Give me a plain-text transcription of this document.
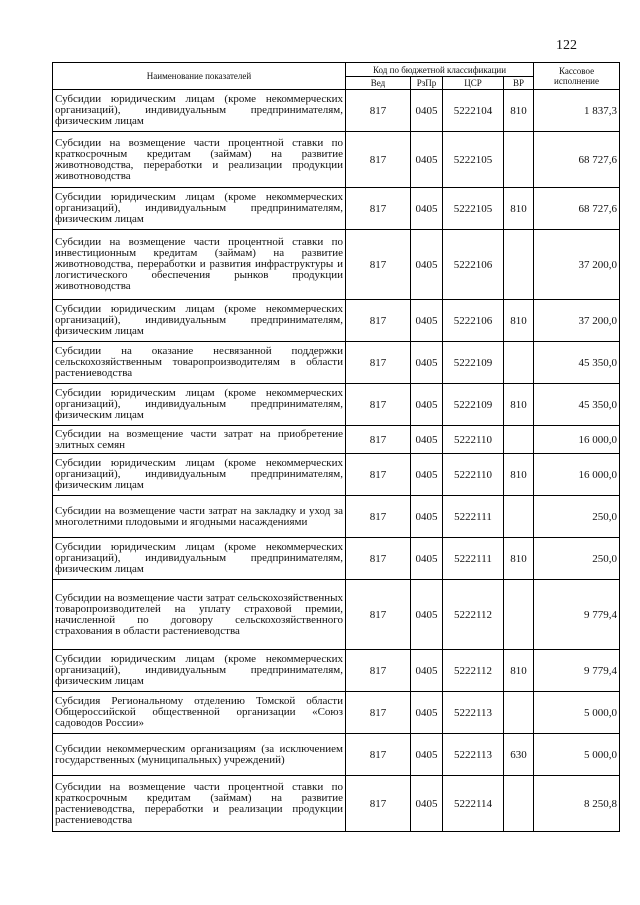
122
Наименование показателей	Код по бюджетной классификации				Кассовое исполнение
	Вед	РзПр	ЦСР	ВР	
Субсидии юридическим лицам (кроме некоммерческих организаций), индивидуальным предпринимателям, физическим лицам	817	0405	5222104	810	1 837,3
Субсидии на возмещение части процентной ставки по краткосрочным кредитам (займам) на развитие животноводства, переработки и реализации продукции животноводства	817	0405	5222105		68 727,6
Субсидии юридическим лицам (кроме некоммерческих организаций), индивидуальным предпринимателям, физическим лицам	817	0405	5222105	810	68 727,6
Субсидии на возмещение части процентной ставки по инвестиционным кредитам (займам) на развитие животноводства, переработки и развития инфраструктуры и логистического обеспечения рынков продукции животноводства	817	0405	5222106		37 200,0
Субсидии юридическим лицам (кроме некоммерческих организаций), индивидуальным предпринимателям, физическим лицам	817	0405	5222106	810	37 200,0
Субсидии на оказание несвязанной поддержки сельскохозяйственным товаропроизводителям в области растениеводства	817	0405	5222109		45 350,0
Субсидии юридическим лицам (кроме некоммерческих организаций), индивидуальным предпринимателям, физическим лицам	817	0405	5222109	810	45 350,0
Субсидии на возмещение части затрат на приобретение элитных семян	817	0405	5222110		16 000,0
Субсидии юридическим лицам (кроме некоммерческих организаций), индивидуальным предпринимателям, физическим лицам	817	0405	5222110	810	16 000,0
Субсидии на возмещение части затрат на закладку и уход за многолетними плодовыми и ягодными насаждениями	817	0405	5222111		250,0
Субсидии юридическим лицам (кроме некоммерческих организаций), индивидуальным предпринимателям, физическим лицам	817	0405	5222111	810	250,0
Субсидии на возмещение части затрат сельскохозяйственных товаропроизводителей на уплату страховой премии, начисленной по договору сельскохозяйственного страхования в области растениеводства	817	0405	5222112		9 779,4
Субсидии юридическим лицам (кроме некоммерческих организаций), индивидуальным предпринимателям, физическим лицам	817	0405	5222112	810	9 779,4
Субсидия Региональному отделению Томской области Общероссийской общественной организации «Союз садоводов России»	817	0405	5222113		5 000,0
Субсидии некоммерческим организациям (за исключением государственных (муниципальных) учреждений)	817	0405	5222113	630	5 000,0
Субсидии на возмещение части процентной ставки по краткосрочным кредитам (займам) на развитие растениеводства, переработки и реализации продукции растениеводства	817	0405	5222114		8 250,8
